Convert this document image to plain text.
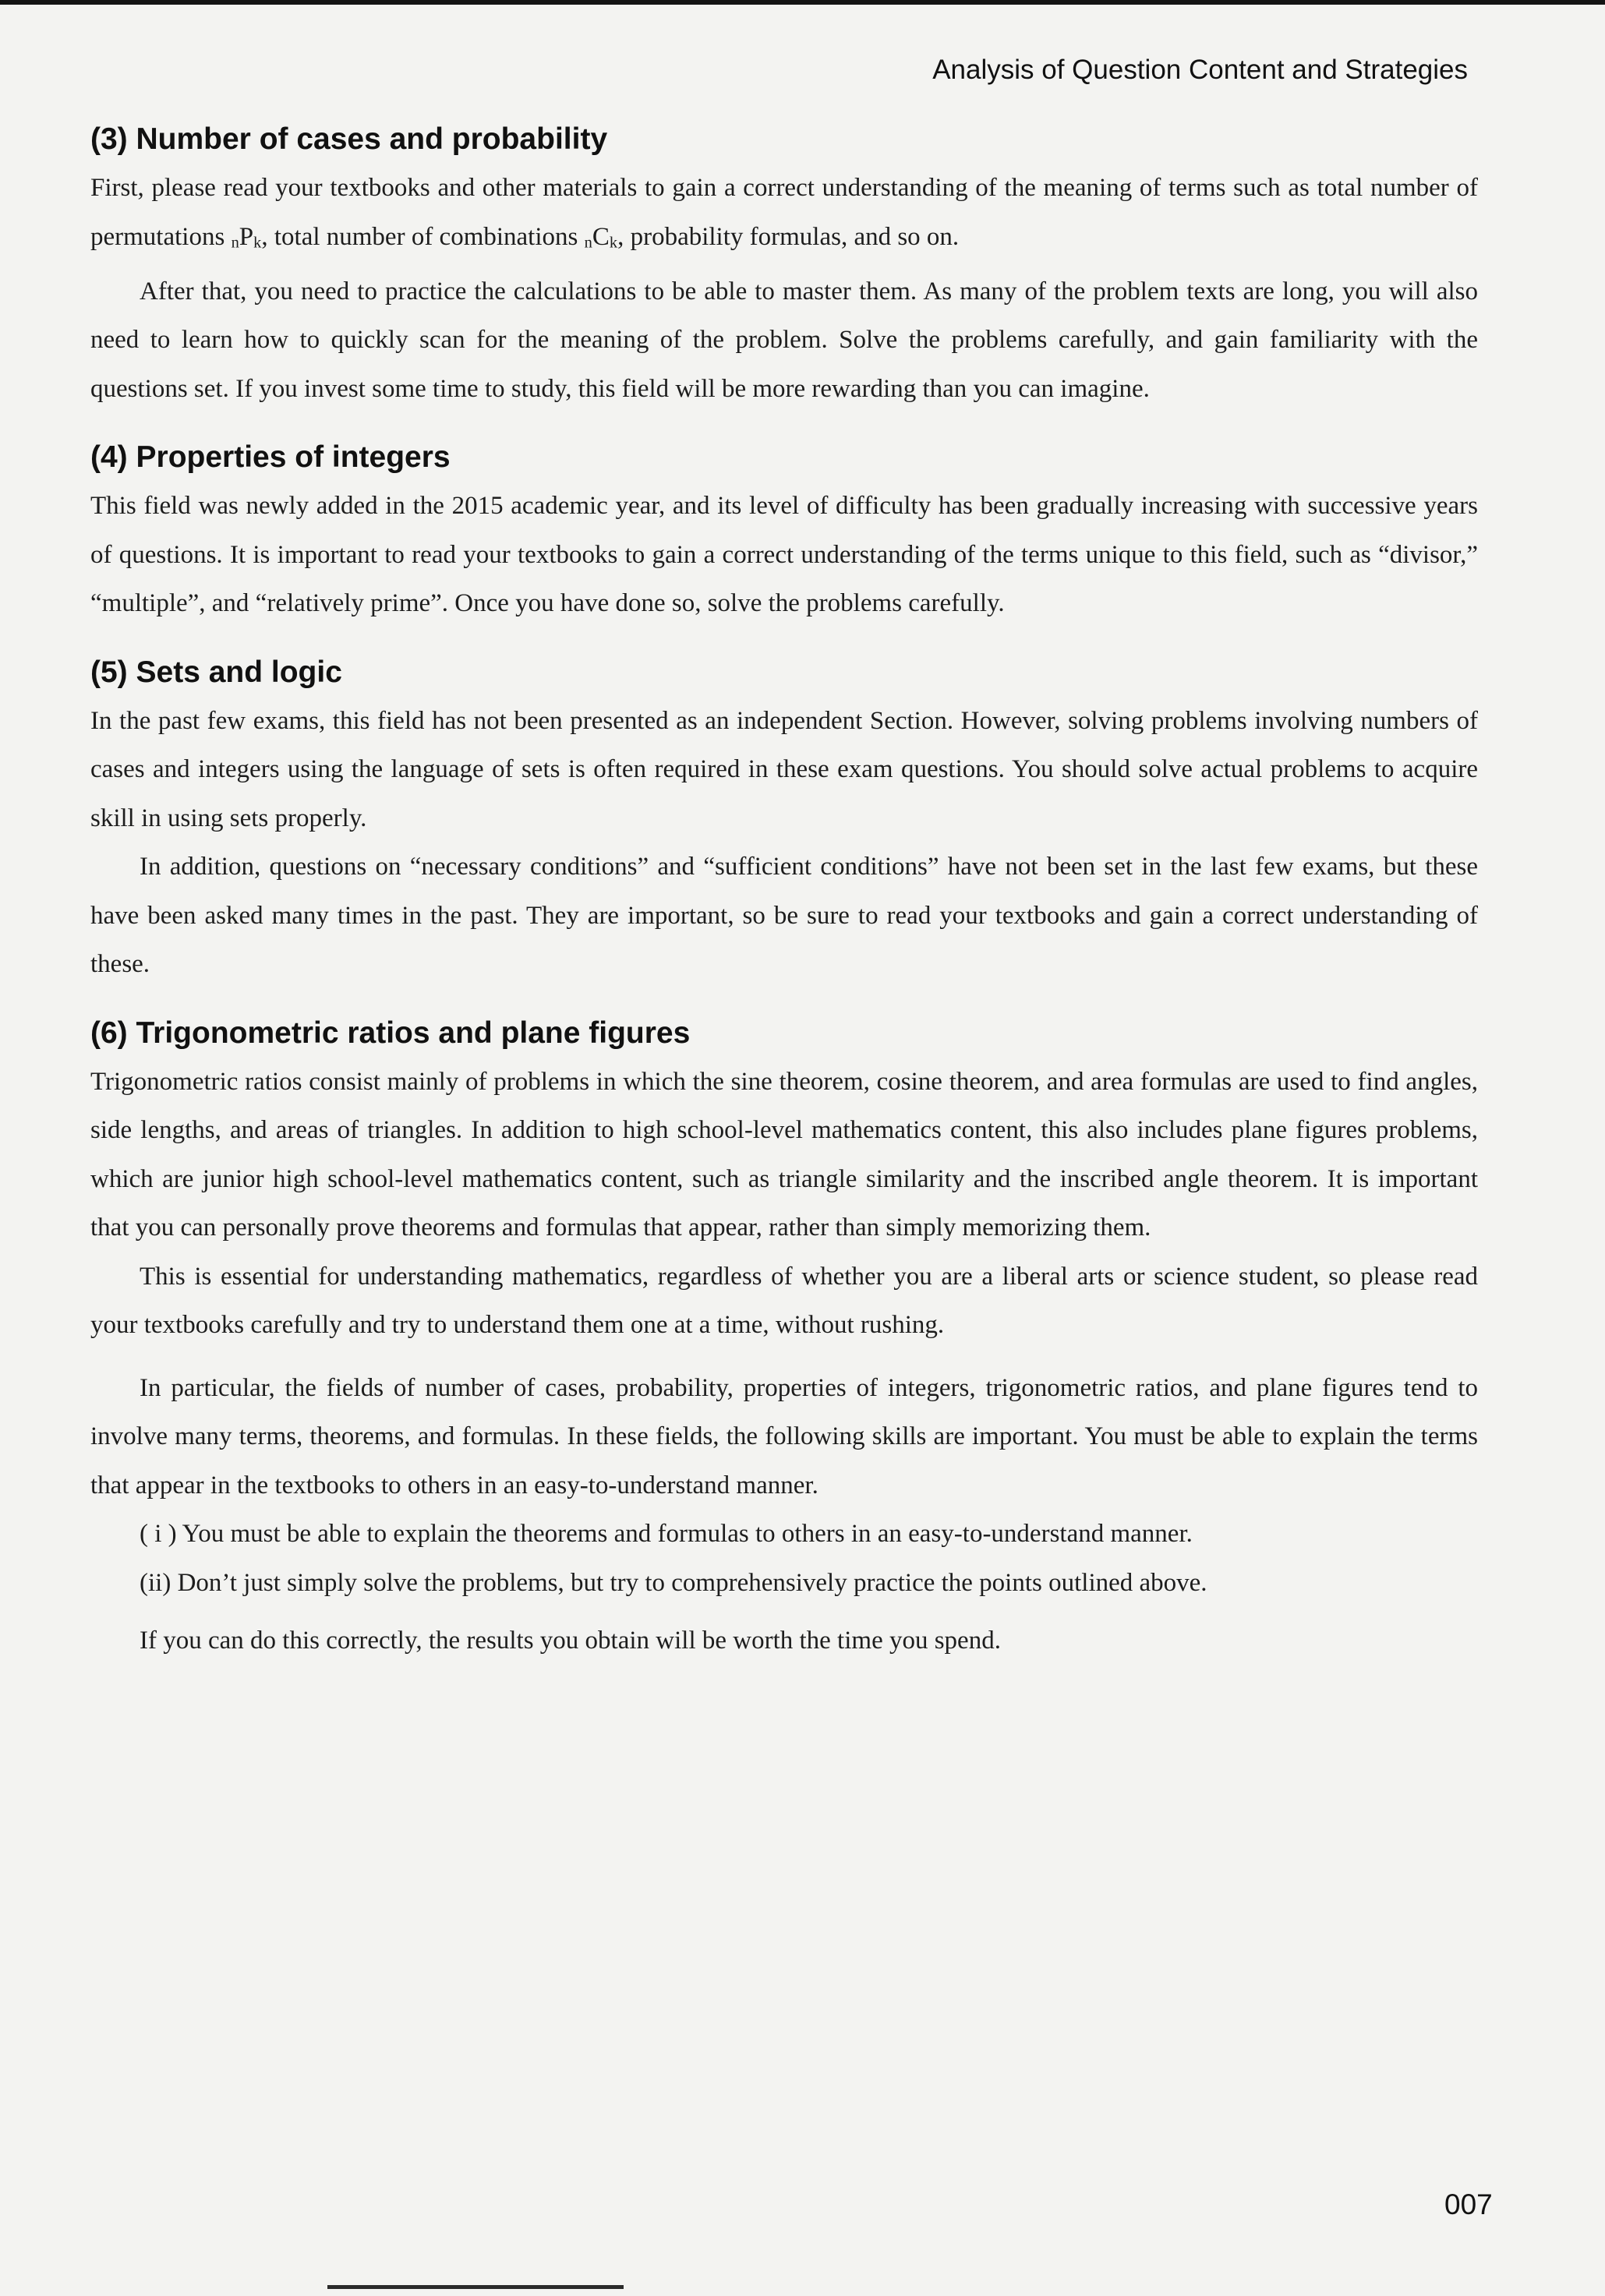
Analysis of Question Content and Strategies
(3) Number of cases and probability

First, please read your textbooks and other materials to gain a correct understanding of the meaning of terms such as total number of permutations $_nP_k$, total number of combinations $_nC_k$, probability formulas, and so on.

After that, you need to practice the calculations to be able to master them. As many of the problem texts are long, you will also need to learn how to quickly scan for the meaning of the problem. Solve the problems carefully, and gain familiarity with the questions set. If you invest some time to study, this field will be more rewarding than you can imagine.

(4) Properties of integers

This field was newly added in the 2015 academic year, and its level of difficulty has been gradually increasing with successive years of questions. It is important to read your textbooks to gain a correct understanding of the terms unique to this field, such as “divisor,” “multiple”, and “relatively prime”. Once you have done so, solve the problems carefully.

(5) Sets and logic

In the past few exams, this field has not been presented as an independent Section. However, solving problems involving numbers of cases and integers using the language of sets is often required in these exam questions. You should solve actual problems to acquire skill in using sets properly.

In addition, questions on “necessary conditions” and “sufficient conditions” have not been set in the last few exams, but these have been asked many times in the past. They are important, so be sure to read your textbooks and gain a correct understanding of these.

(6) Trigonometric ratios and plane figures

Trigonometric ratios consist mainly of problems in which the sine theorem, cosine theorem, and area formulas are used to find angles, side lengths, and areas of triangles. In addition to high school-level mathematics content, this also includes plane figures problems, which are junior high school-level mathematics content, such as triangle similarity and the inscribed angle theorem. It is important that you can personally prove theorems and formulas that appear, rather than simply memorizing them.

This is essential for understanding mathematics, regardless of whether you are a liberal arts or science student, so please read your textbooks carefully and try to understand them one at a time, without rushing.

In particular, the fields of number of cases, probability, properties of integers, trigonometric ratios, and plane figures tend to involve many terms, theorems, and formulas. In these fields, the following skills are important. You must be able to explain the terms that appear in the textbooks to others in an easy-to-understand manner.

( i ) You must be able to explain the theorems and formulas to others in an easy-to-understand manner.

(ii) Don’t just simply solve the problems, but try to comprehensively practice the points outlined above.

If you can do this correctly, the results you obtain will be worth the time you spend.

007
